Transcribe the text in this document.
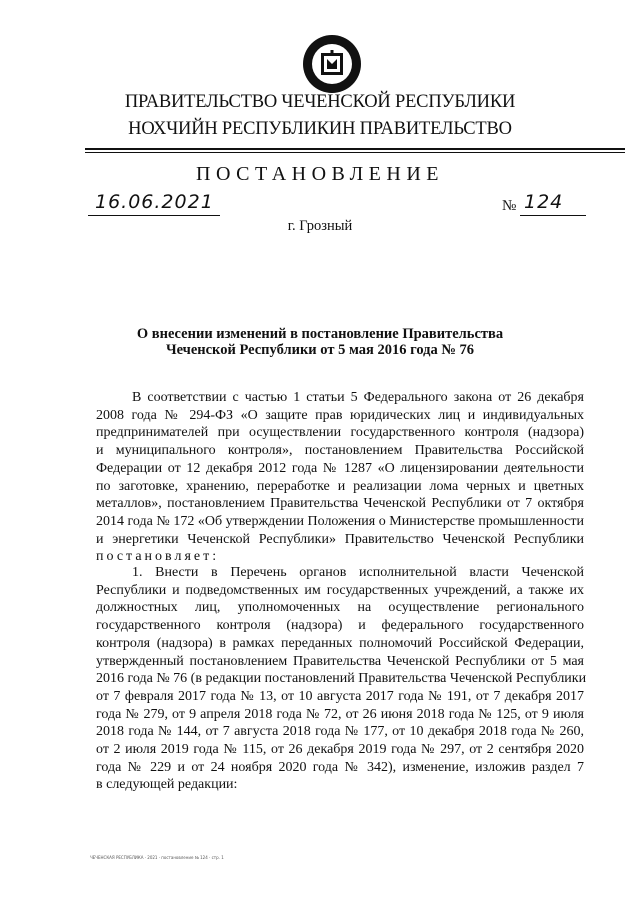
ПРАВИТЕЛЬСТВО ЧЕЧЕНСКОЙ РЕСПУБЛИКИ
НОХЧИЙН РЕСПУБЛИКИН ПРАВИТЕЛЬСТВО
ПОСТАНОВЛЕНИЕ
16.06.2021	№ 124
г. Грозный
О внесении изменений в постановление Правительства
Чеченской Республики от 5 мая 2016 года № 76
В соответствии с частью 1 статьи 5 Федерального закона от 26 декабря
2008 года № 294-ФЗ «О защите прав юридических лиц и индивидуальных
предпринимателей при осуществлении государственного контроля (надзора)
и муниципального контроля», постановлением Правительства Российской
Федерации от 12 декабря 2012 года № 1287 «О лицензировании деятельности
по заготовке, хранению, переработке и реализации лома черных и цветных
металлов», постановлением Правительства Чеченской Республики от 7 октября
2014 года № 172 «Об утверждении Положения о Министерстве промышленности
и энергетики Чеченской Республики» Правительство Чеченской Республики
постановляет:
1. Внести в Перечень органов исполнительной власти Чеченской
Республики и подведомственных им государственных учреждений, а также их
должностных лиц, уполномоченных на осуществление регионального
государственного контроля (надзора) и федерального государственного
контроля (надзора) в рамках переданных полномочий Российской Федерации,
утвержденный постановлением Правительства Чеченской Республики от 5 мая
2016 года № 76 (в редакции постановлений Правительства Чеченской Республики
от 7 февраля 2017 года № 13, от 10 августа 2017 года № 191, от 7 декабря 2017
года № 279, от 9 апреля 2018 года № 72, от 26 июня 2018 года № 125, от 9 июля
2018 года № 144, от 7 августа 2018 года № 177, от 10 декабря 2018 года № 260,
от 2 июля 2019 года № 115, от 26 декабря 2019 года № 297, от 2 сентября 2020
года № 229 и от 24 ноября 2020 года № 342), изменение, изложив раздел 7
в следующей редакции:
ЧЕЧЕНСКАЯ РЕСПУБЛИКА · 2021 · постановление № 124 · стр. 1
